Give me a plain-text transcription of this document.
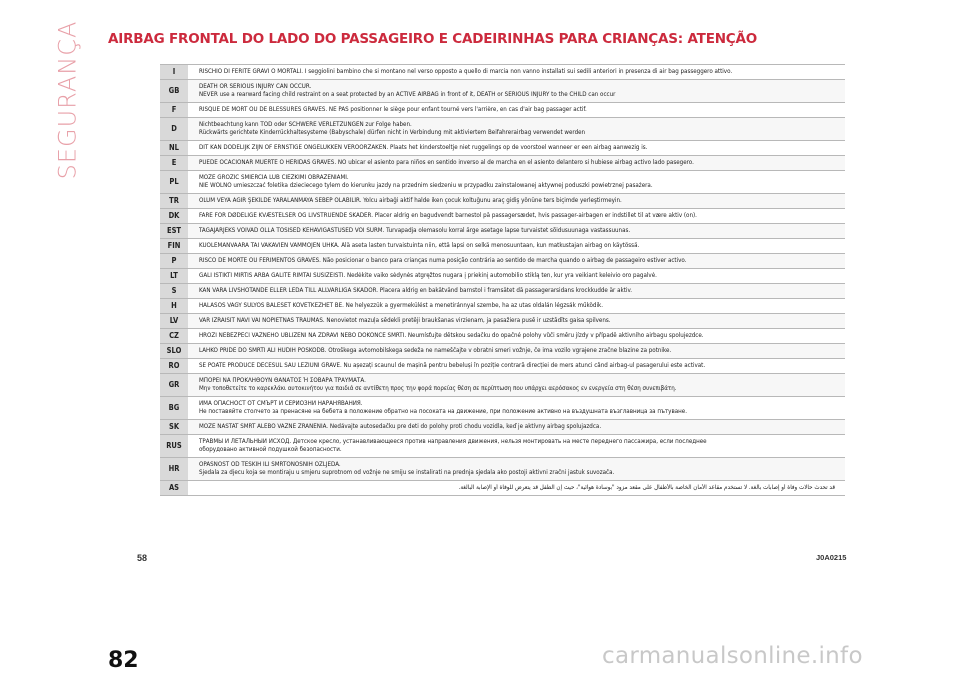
SEGURANÇA AIRBAG FRONTAL DO LADO DO PASSAGEIRO E CADEIRINHAS PARA CRIANÇAS: ATENÇÃO
I	RISCHIO DI FERITE GRAVI O MORTALI. I seggiolini bambino che si montano nel verso opposto a quello di marcia non vanno installati sui sedili anteriori in presenza di air bag passeggero attivo.

GB	DEATH OR SERIOUS INJURY CAN OCCUR.
NEVER use a rearward facing child restraint on a seat protected by an ACTIVE AIRBAG in front of it, DEATH or SERIOUS INJURY to the CHILD can occur

F	RISQUE DE MORT OU DE BLESSURES GRAVES. NE PAS positionner le siège pour enfant tourné vers l'arrière, en cas d'air bag passager actif.

D	Nichtbeachtung kann TOD oder SCHWERE VERLETZUNGEN zur Folge haben.
Rückwärts gerichtete Kinderrückhaltesysteme (Babyschale) dürfen nicht in Verbindung mit aktiviertem Beifahrerairbag verwendet werden

NL	DIT KAN DODELIJK ZIJN OF ERNSTIGE ONGELUKKEN VEROORZAKEN. Plaats het kinderstoeltje niet ruggelings op de voorstoel wanneer er een airbag aanwezig is.

E	PUEDE OCACIONAR MUERTE O HERIDAS GRAVES. NO ubicar el asiento para niños en sentido inverso al de marcha en el asiento delantero si hubiese airbag activo lado pasegero.

PL	MOŻE GROZIĆ ŚMIERCIA LUB CIEŻKIMI OBRAŻENIAMI.
NIE WOLNO umieszczać foletika dzieciecego tylem do kierunku jazdy na przednim siedzeniu w przypadku zainstalowanej aktywnej poduszki powietrznej pasażera.

TR	ÖLÜM VEYA AĞIR ŞEKİLDE YARALANMAYA SEBEP OLABİLİR. Yolcu airbaği aktif halde iken çocuk koltuğunu araç gidiş yönüne ters biçimde yerleştirmeyin.

DK	FARE FOR DØDELIGE KVÆSTELSER OG LIVSTRUENDE SKADER. Placer aldrig en bagudvendt barnestol på passagersædet, hvis passager-airbagen er indstillet til at være aktiv (on).

EST	TAGAJÄRJEKS VÕIVAD OLLA TÕSISED KEHAVIGASTUSED VÕI SURM. Turvapadja olemasolu korral ärge asetage lapse turvaistet sõidusuunaga vastassuunas.

FIN	KUOLEMANVAARA TAI VAKAVIEN VAMMOJEN UHKA. Älä aseta lasten turvaistuinta niin, että lapsi on selkä menosuuntaan, kun matkustajan airbag on käytössä.

P	RISCO DE MORTE OU FERIMENTOS GRAVES. Não posicionar o banco para crianças numa posição contrária ao sentido de marcha quando o airbag de passageiro estiver activo.

LT	GALI IŠTIKTI MIRTIS ARBA GALITE RIMTAI SUSIŽEISTI. Nedėkite vaiko sėdynės atgręžtos nugara į priekinį automobilio stiklą ten, kur yra veikiant keleivio oro pagalvė.

S	KAN VARA LIVSHOTANDE ELLER LEDA TILL ALLVARLIGA SKADOR. Placera aldrig en bakåtvänd barnstol i framsätet då passagerarsidans krockkudde är aktiv.

H	HALÁSOS VAGY SÚLYOS BALESET KÖVETKEZHET BE. Ne helyezzük a gyermekülést a menetiránnyal szembe, ha az utas oldalán légzsák működik.

LV	VAR IZRAISĪT NĀVI VAI NOPIETNAS TRAUMAS. Nenovietot mazuļa sēdekli pretēji braukšanas virzienam, ja pasažiera pusē ir uzstādīts gaisa spilvens.

CZ	HROZÍ NEBEZPEČÍ VÁŽNÉHO UBLÍŽENÍ NA ZDRAVÍ NEBO DOKONCE SMRTI. Neumísťujte dětskou sedačku do opačné polohy vůči směru jízdy v případě aktivního airbagu spolujezdce.

SLO	LAHKO PRIDE DO SMRTI ALI HUDIH POŠKODB. Otroškega avtomobilskega sedeža ne nameščajte v obratni smeri vožnje, če ima vozilo vgrajene zračne blazine za potnike.

RO	SE POATE PRODUCE DECESUL SAU LEZIUNI GRAVE. Nu așezați scaunul de mașină pentru bebeluși în poziție contrară direcției de mers atunci când airbag-ul pasagerului este activat.

GR	ΜΠΟΡΕΙ ΝΑ ΠΡΟΚΛΗΘΟΥΝ ΘΑΝΑΤΟΣ Ή ΣΟΒΑΡΑ ΤΡΑΥΜΑΤΑ.
Μην τοποθετείτε το καρεκλάκι αυτοκινήτου για παιδιά σε αντίθετη προς την φορά πορείας θέση σε περίπτωση που υπάρχει αερόσακος εν ενεργεία στη θέση συνεπιβάτη.

BG	ИМА ОПАСНОСТ ОТ СМЪРТ И СЕРИОЗНИ НАРАНЯВАНИЯ.
Не поставяйте столчето за пренасяне на бебета в положение обратно на посоката на движение, при положение активно на въздушната възглавница за пътуване.

SK	MÔŽE NASTAŤ SMRŤ ALEBO VÁŽNE ZRANENIA. Nedávajte autosedačku pre deti do polohy proti chodu vozidla, keď je aktívny airbag spolujazdca.

RUS	ТРАВМЫ И ЛЕТАЛЬНЫЙ ИСХОД. Детское кресло, устанавливающееся против направления движения, нельзя монтировать на месте переднего пассажира, если последнее
оборудовано активной подушкой безопасности.

HR	OPASNOST OD TEŠKIH ILI SMRTONOSNIH OZLJEDA.
Sjedala za djecu koja se montiraju u smjeru suprotnom od vožnje ne smiju se instalirati na prednja sjedala ako postoji aktivni zračni jastuk suvozača.

AS	قد تحدث حالات وفاة أو إصابات بالغة. لا تستخدم مقاعد الأمان الخاصة بالأطفال على مقعد مزود "بوسادة هوائية"، حيث إن الطفل قد يتعرض للوفاة أو الإصابة البالغة.
58	J0A0215
82	carmanualsonline.info
